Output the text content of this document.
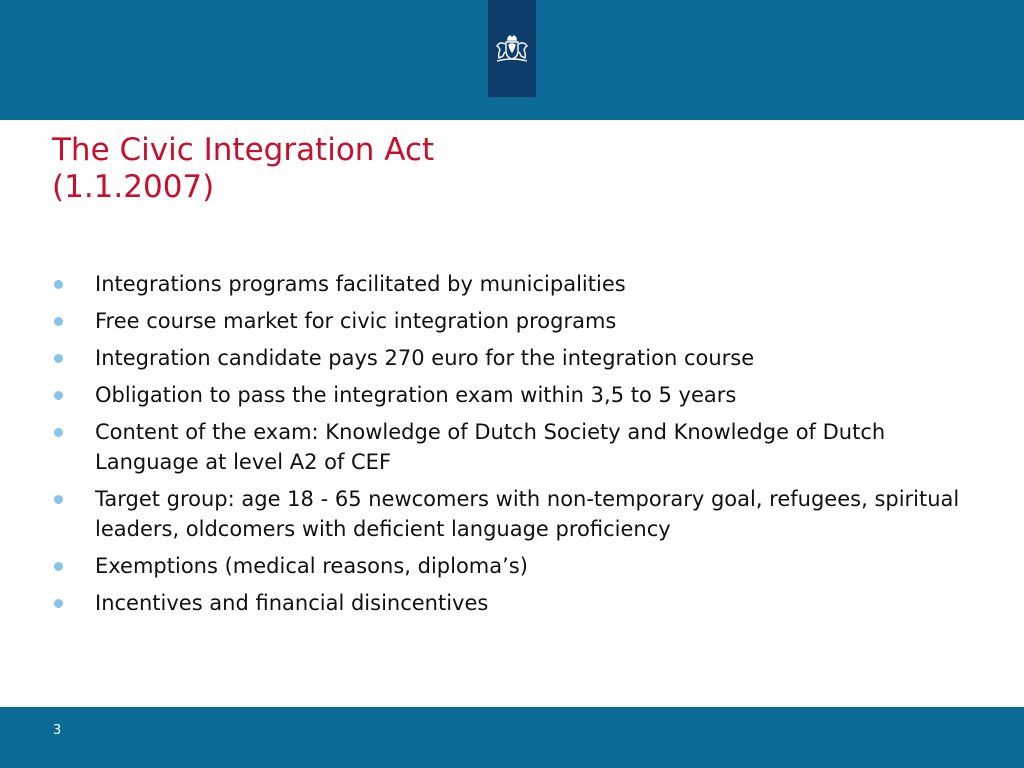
The Civic Integration Act
(1.1.2007)
Integrations programs facilitated by municipalities
Free course market for civic integration programs
Integration candidate pays 270 euro for the integration course
Obligation to pass the integration exam within 3,5 to 5 years
Content of the exam: Knowledge of Dutch Society and Knowledge of Dutch Language at level A2 of CEF
Target group: age 18 - 65 newcomers with non-temporary goal, refugees, spiritual leaders, oldcomers with deficient language proficiency
Exemptions (medical reasons, diploma’s)
Incentives and financial disincentives
3
